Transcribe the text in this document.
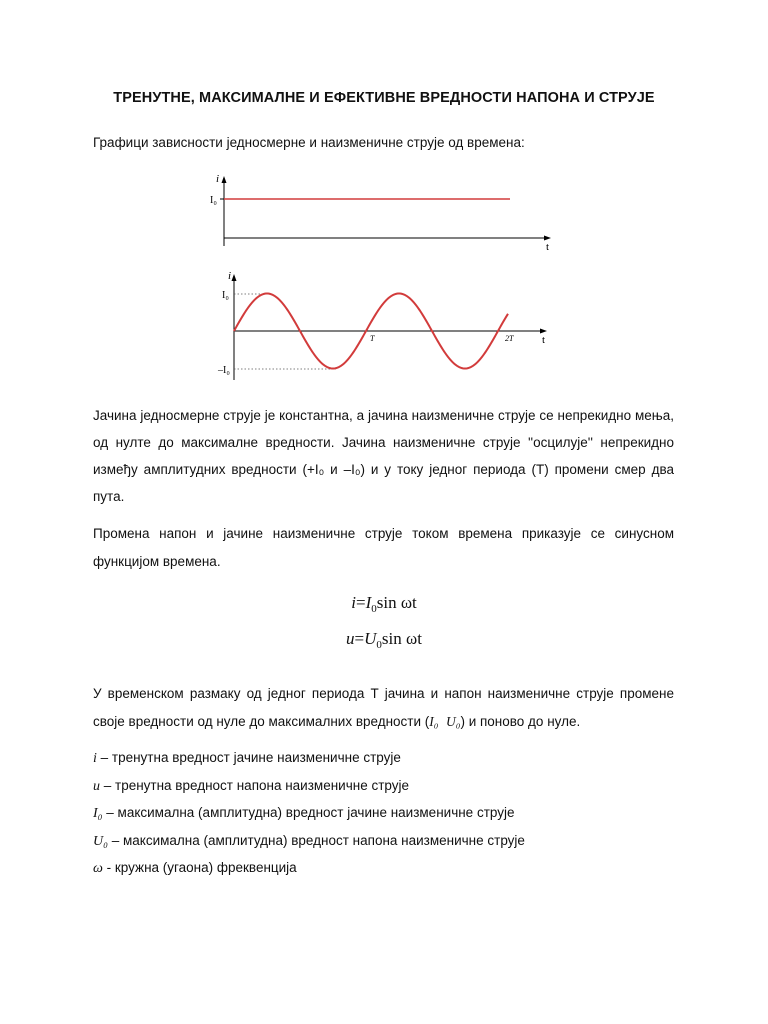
ТРЕНУТНЕ, МАКСИМАЛНЕ И ЕФЕКТИВНЕ ВРЕДНОСТИ НАПОНА И СТРУЈЕ
Графици зависности једносмерне и наизменичне струје од времена:
i
I₀
t
i
I₀
–I₀
T	2T	t
Јачина једносмерне струје је константна, а јачина наизменичне струје се непрекидно мења, од нулте до максималне вредности. Јачина наизменичне струје ''осцилује'' непрекидно између амплитудних вредности (+I₀ и –I₀) и у току једног периода (Т) промени смер два пута.
Промена напон и јачине наизменичне струје током времена приказује се синусном функцијом времена.
$i=I_0\sin$ ωt
$u=U_0\sin$ ωt
У временском размаку од једног периода Т јачина и напон наизменичне струје промене своје вредности од нуле до максималних вредности (I₀ U₀) и поново до нуле.
i – тренутна вредност јачине наизменичне струје
u – тренутна вредност напона наизменичне струје
I₀ – максимална (амплитудна) вредност јачине наизменичне струје
U₀ – максимална (амплитудна) вредност напона наизменичне струје
ω - кружна (угаона) фреквенција
